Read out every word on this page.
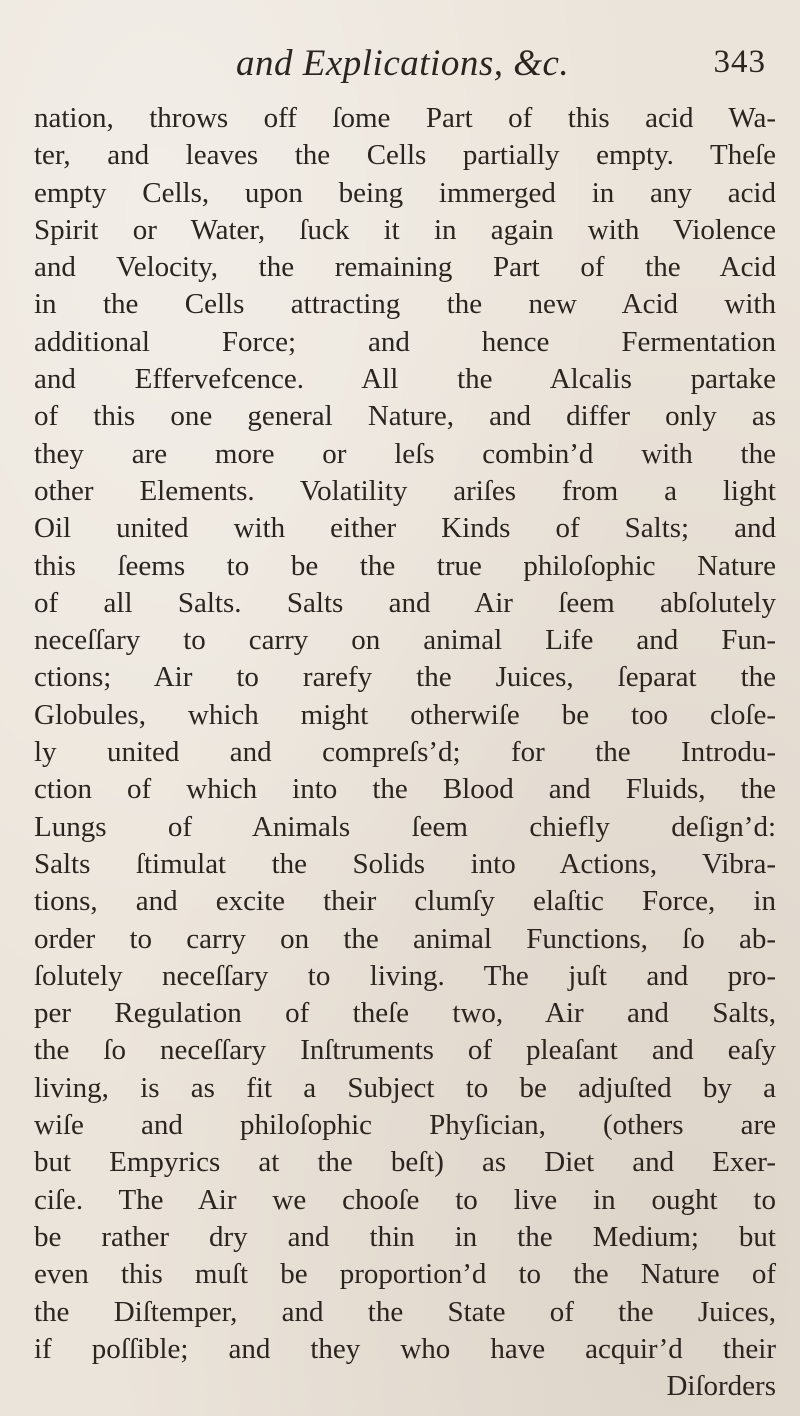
and Explications, &c.	343
nation, throws off ſome Part of this acid Wa-
ter, and leaves the Cells partially empty. Theſe
empty Cells, upon being immerged in any acid
Spirit or Water, ſuck it in again with Violence
and Velocity, the remaining Part of the Acid
in the Cells attracting the new Acid with
additional Force; and hence Fermentation
and Effervefcence. All the Alcalis partake
of this one general Nature, and differ only as
they are more or leſs combin’d with the
other Elements. Volatility ariſes from a light
Oil united with either Kinds of Salts; and
this ſeems to be the true philoſophic Nature
of all Salts. Salts and Air ſeem abſolutely
neceſſary to carry on animal Life and Fun-
ctions; Air to rarefy the Juices, ſeparat the
Globules, which might otherwiſe be too cloſe-
ly united and compreſs’d; for the Introdu-
ction of which into the Blood and Fluids, the
Lungs of Animals ſeem chiefly deſign’d:
Salts ſtimulat the Solids into Actions, Vibra-
tions, and excite their clumſy elaſtic Force, in
order to carry on the animal Functions, ſo ab-
ſolutely neceſſary to living. The juſt and pro-
per Regulation of theſe two, Air and Salts,
the ſo neceſſary Inſtruments of pleaſant and eaſy
living, is as fit a Subject to be adjuſted by a
wiſe and philoſophic Phyſician, (others are
but Empyrics at the beſt) as Diet and Exer-
ciſe. The Air we chooſe to live in ought to
be rather dry and thin in the Medium; but
even this muſt be proportion’d to the Nature of
the Diſtemper, and the State of the Juices,
if poſſible; and they who have acquir’d their
Diſorders
